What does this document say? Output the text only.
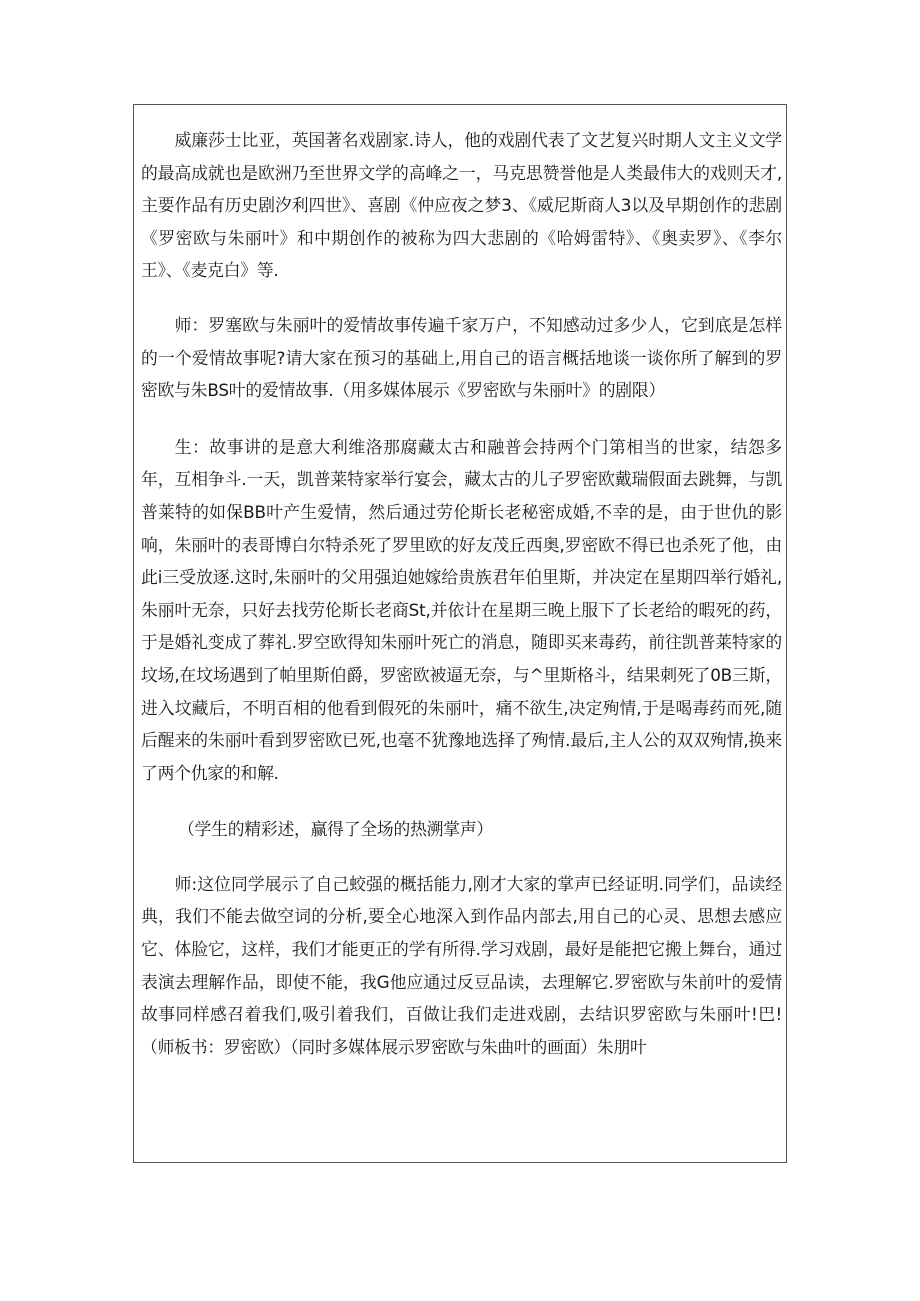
威廉莎士比亚，英国著名戏剧家.诗人，他的戏剧代表了文艺复兴时期人文主义文学的最高成就也是欧洲乃至世界文学的高峰之一，马克思赞誉他是人类最伟大的戏则天才,主要作品有历史剧汐利四世》、喜剧《仲应夜之梦3、《威尼斯商人3以及早期创作的悲剧《罗密欧与朱丽叶》和中期创作的被称为四大悲剧的《哈姆雷特》、《奥卖罗》、《李尔王》、《麦克白》等.

师：罗塞欧与朱丽叶的爱情故事传遍千家万户，不知感动过多少人，它到底是怎样的一个爱情故事呢?请大家在预习的基础上,用自己的语言概括地谈一谈你所了解到的罗密欧与朱BS叶的爱情故事.（用多媒体展示《罗密欧与朱丽叶》的剧限）

生：故事讲的是意大利维洛那腐藏太古和融普会持两个门第相当的世家，结怨多年，互相争斗.一天，凯普莱特家举行宴会，藏太古的儿子罗密欧戴瑞假面去跳舞，与凯普莱特的如保BB叶产生爱情，然后通过劳伦斯长老秘密成婚,不幸的是，由于世仇的影响，朱丽叶的表哥博白尔特杀死了罗里欧的好友茂丘西奥,罗密欧不得已也杀死了他，由此i三受放逐.这时,朱丽叶的父用强迫她嫁给贵族君年伯里斯，并决定在星期四举行婚礼,朱丽叶无奈，只好去找劳伦斯长老商St,并依计在星期三晚上服下了长老给的暇死的药，于是婚礼变成了葬礼.罗空欧得知朱丽叶死亡的消息，随即买来毒药，前往凯普莱特家的坟场,在坟场遇到了帕里斯伯爵，罗密欧被逼无奈，与^里斯格斗，结果刺死了0B三斯，进入坟藏后，不明百相的他看到假死的朱丽叶，痛不欲生,决定殉情,于是喝毒药而死,随后醒来的朱丽叶看到罗密欧已死,也毫不犹豫地选择了殉情.最后,主人公的双双殉情,换来了两个仇家的和解.

（学生的精彩述，赢得了全场的热溯掌声）

师:这位同学展示了自己蛟强的概括能力,刚才大家的掌声已经证明.同学们，品读经典，我们不能去做空词的分析,要全心地深入到作品内部去,用自己的心灵、思想去感应它、体脸它，这样，我们才能更正的学有所得.学习戏剧，最好是能把它搬上舞台，通过表演去理解作品，即使不能，我G他应通过反豆品读，去理解它.罗密欧与朱前叶的爱情故事同样感召着我们,吸引着我们，百做让我们走进戏剧，去结识罗密欧与朱丽叶!巴!（师板书：罗密欧）（同时多媒体展示罗密欧与朱曲叶的画面）朱朋叶
